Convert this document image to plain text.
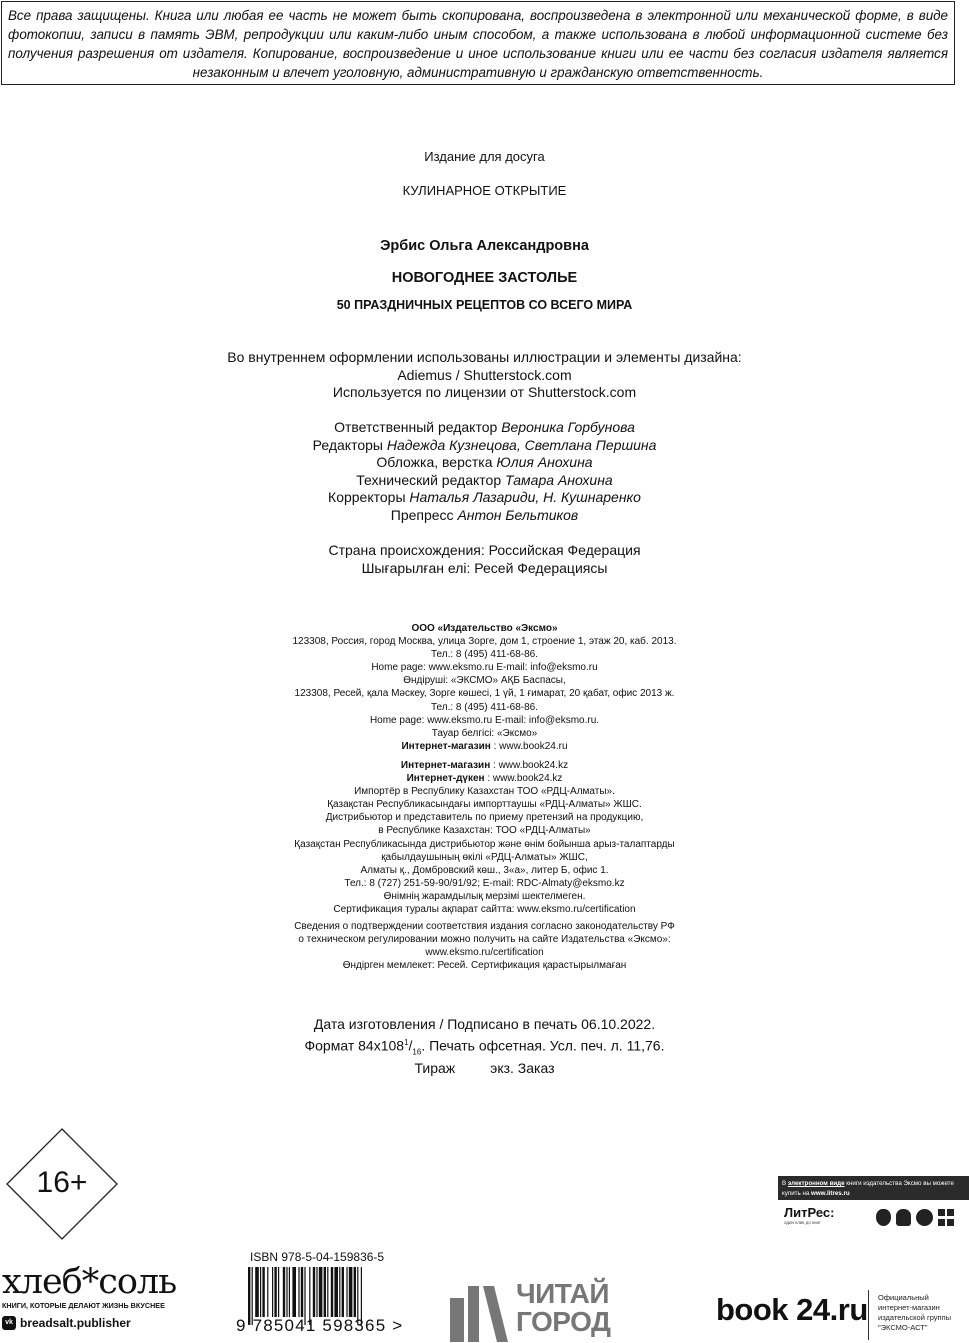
Все права защищены. Книга или любая ее часть не может быть скопирована, воспроизведена в электронной или механической форме, в виде фотокопии, записи в память ЭВМ, репродукции или каким-либо иным способом, а также использована в любой информационной системе без получения разрешения от издателя. Копирование, воспроизведение и иное использование книги или ее части без согласия издателя является незаконным и влечет уголовную, административную и гражданскую ответственность.
Издание для досуга
КУЛИНАРНОЕ ОТКРЫТИЕ
Эрбис Ольга Александровна
НОВОГОДНЕЕ ЗАСТОЛЬЕ
50 ПРАЗДНИЧНЫХ РЕЦЕПТОВ СО ВСЕГО МИРА
Во внутреннем оформлении использованы иллюстрации и элементы дизайна:
Adiemus / Shutterstock.com
Используется по лицензии от Shutterstock.com
Ответственный редактор Вероника Горбунова
Редакторы Надежда Кузнецова, Светлана Першина
Обложка, верстка Юлия Анохина
Технический редактор Тамара Анохина
Корректоры Наталья Лазариди, Н. Кушнаренко
Препресс Антон Бельтиков
Страна происхождения: Российская Федерация
Шығарылған елі: Ресей Федерациясы
ООО «Издательство «Эксмо»
123308, Россия, город Москва, улица Зорге, дом 1, строение 1, этаж 20, каб. 2013.
Тел.: 8 (495) 411-68-86.
Home page: www.eksmo.ru E-mail: info@eksmo.ru
Өндіруші: «ЭКСМО» АҚБ Баспасы,
123308, Ресей, қала Мәскеу, Зорге көшесі, 1 үй, 1 ғимарат, 20 қабат, офис 2013 ж.
Тел.: 8 (495) 411-68-86.
Home page: www.eksmo.ru E-mail: info@eksmo.ru.
Тауар белгісі: «Эксмо»
Интернет-магазин : www.book24.ru
Интернет-магазин : www.book24.kz
Интернет-дүкен : www.book24.kz
Импортёр в Республику Казахстан ТОО «РДЦ-Алматы».
Қазақстан Республикасындағы импорттаушы «РДЦ-Алматы» ЖШС.
Дистрибьютор и представитель по приему претензий на продукцию,
в Республике Казахстан: ТОО «РДЦ-Алматы»
Қазақстан Республикасында дистрибьютор және өнім бойынша арыз-талаптарды
қабылдаушының өкілі «РДЦ-Алматы» ЖШС,
Алматы қ., Домбровский көш., 3«а», литер Б, офис 1.
Тел.: 8 (727) 251-59-90/91/92; E-mail: RDC-Almaty@eksmo.kz
Өнімнің жарамдылық мерзімі шектелмеген.
Сертификация туралы ақпарат сайтта: www.eksmo.ru/certification
Сведения о подтверждении соответствия издания согласно законодательству РФ
о техническом регулировании можно получить на сайте Издательства «Эксмо»:
www.eksmo.ru/certification
Өндірген мемлекет: Ресей. Сертификация қарастырылмаған
Дата изготовления / Подписано в печать 06.10.2022.
Формат $84x108^1/_{16}$. Печать офсетная. Усл. печ. л. 11,76.
Тираж         экз. Заказ
16+
хлеб*соль
КНИГИ, КОТОРЫЕ ДЕЛАЮТ ЖИЗНЬ ВКУСНЕЕ
vk breadsalt.publisher
ISBN 978-5-04-159836-5
9 785041 598365 >
ЧИТАЙ
ГОРОД	book 24.ru Официальный
интернет-магазин
издательской группы
"ЭКСМО-АСТ"
В электронном виде книги издательства Эксмо вы можете
купить на www.litres.ru
ЛитРес:
один клик до книг
